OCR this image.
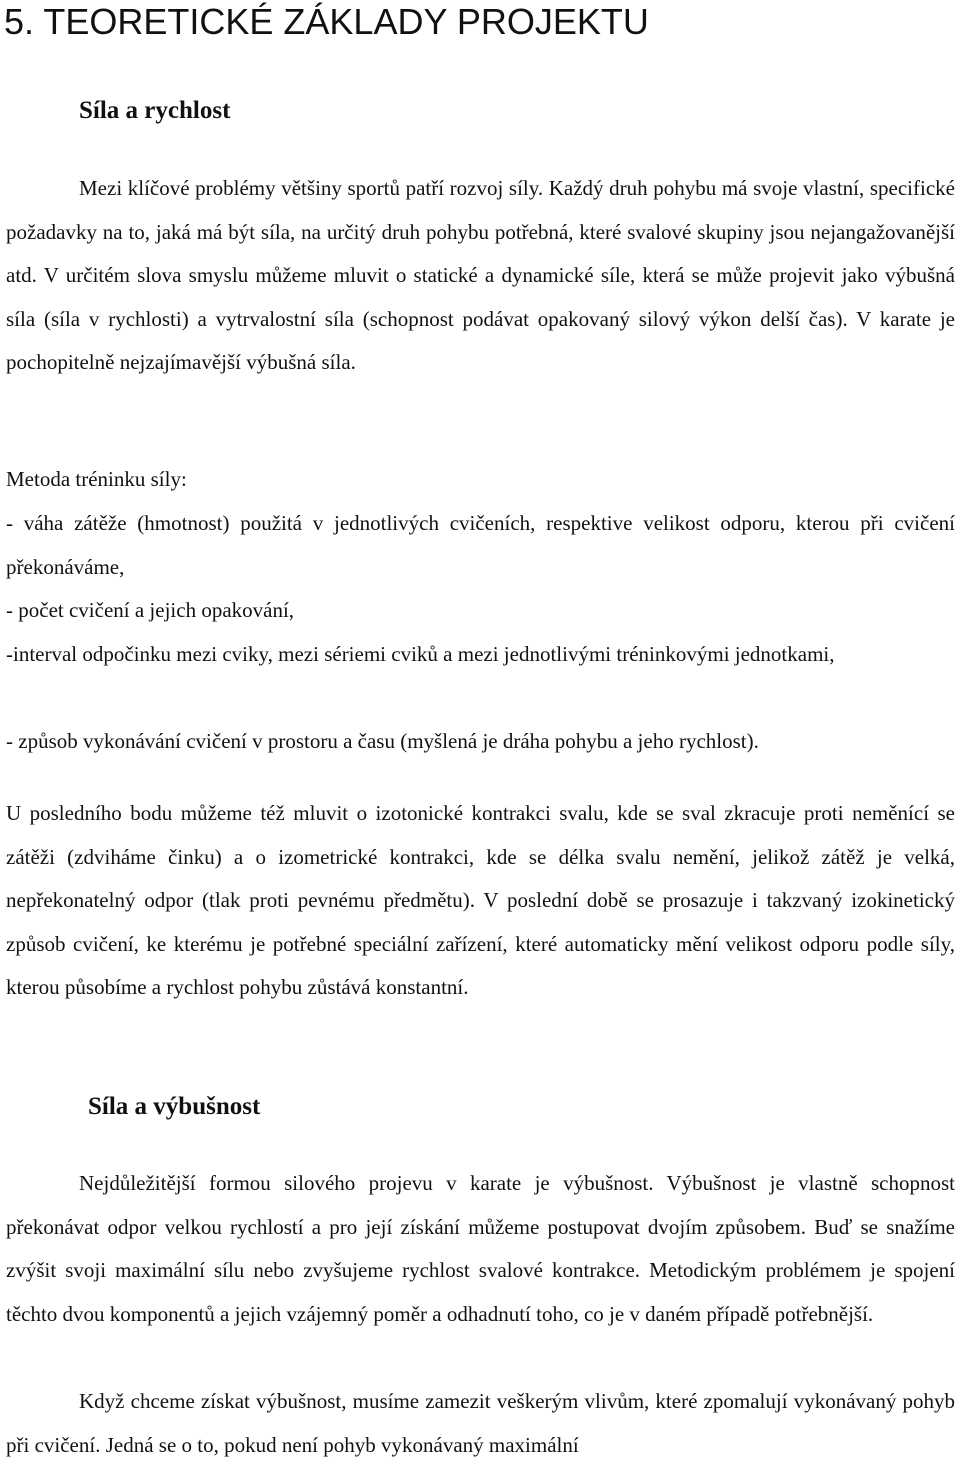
5. TEORETICKÉ ZÁKLADY PROJEKTU
Síla a rychlost

Mezi klíčové problémy většiny sportů patří rozvoj síly. Každý druh pohybu má svoje vlastní, specifické požadavky na to, jaká má být síla, na určitý druh pohybu potřebná, které svalové skupiny jsou nejangažovanější atd. V určitém slova smyslu můžeme mluvit o statické a dynamické síle, která se může projevit jako výbušná síla (síla v rychlosti) a vytrvalostní síla (schopnost podávat opakovaný silový výkon delší čas). V karate je pochopitelně nejzajímavější výbušná síla.

Metoda tréninku síly:

- váha zátěže (hmotnost) použitá v jednotlivých cvičeních, respektive velikost odporu, kterou při cvičení překonáváme,

- počet cvičení a jejich opakování,

-interval odpočinku mezi cviky, mezi sériemi cviků a mezi jednotlivými tréninkovými jednotkami,

- způsob vykonávání cvičení v prostoru a času (myšlená je dráha pohybu a jeho rychlost).

U posledního bodu můžeme též mluvit o izotonické kontrakci svalu, kde se sval zkracuje proti neměnící se zátěži (zdviháme činku) a o izometrické kontrakci, kde se délka svalu nemění, jelikož zátěž je velká, nepřekonatelný odpor (tlak proti pevnému předmětu). V poslední době se prosazuje i takzvaný izokinetický způsob cvičení, ke kterému je potřebné speciální zařízení, které automaticky mění velikost odporu podle síly, kterou působíme a rychlost pohybu zůstává konstantní.

Síla a výbušnost

Nejdůležitější formou silového projevu v karate je výbušnost. Výbušnost je vlastně schopnost překonávat odpor velkou rychlostí a pro její získání můžeme postupovat dvojím způsobem. Buď se snažíme zvýšit svoji maximální sílu nebo zvyšujeme rychlost svalové kontrakce. Metodickým problémem je spojení těchto dvou komponentů a jejich vzájemný poměr a odhadnutí toho, co je v daném případě potřebnější.

Když chceme získat výbušnost, musíme zamezit veškerým vlivům, které zpomalují vykonávaný pohyb při cvičení. Jedná se o to, pokud není pohyb vykonávaný maximální
